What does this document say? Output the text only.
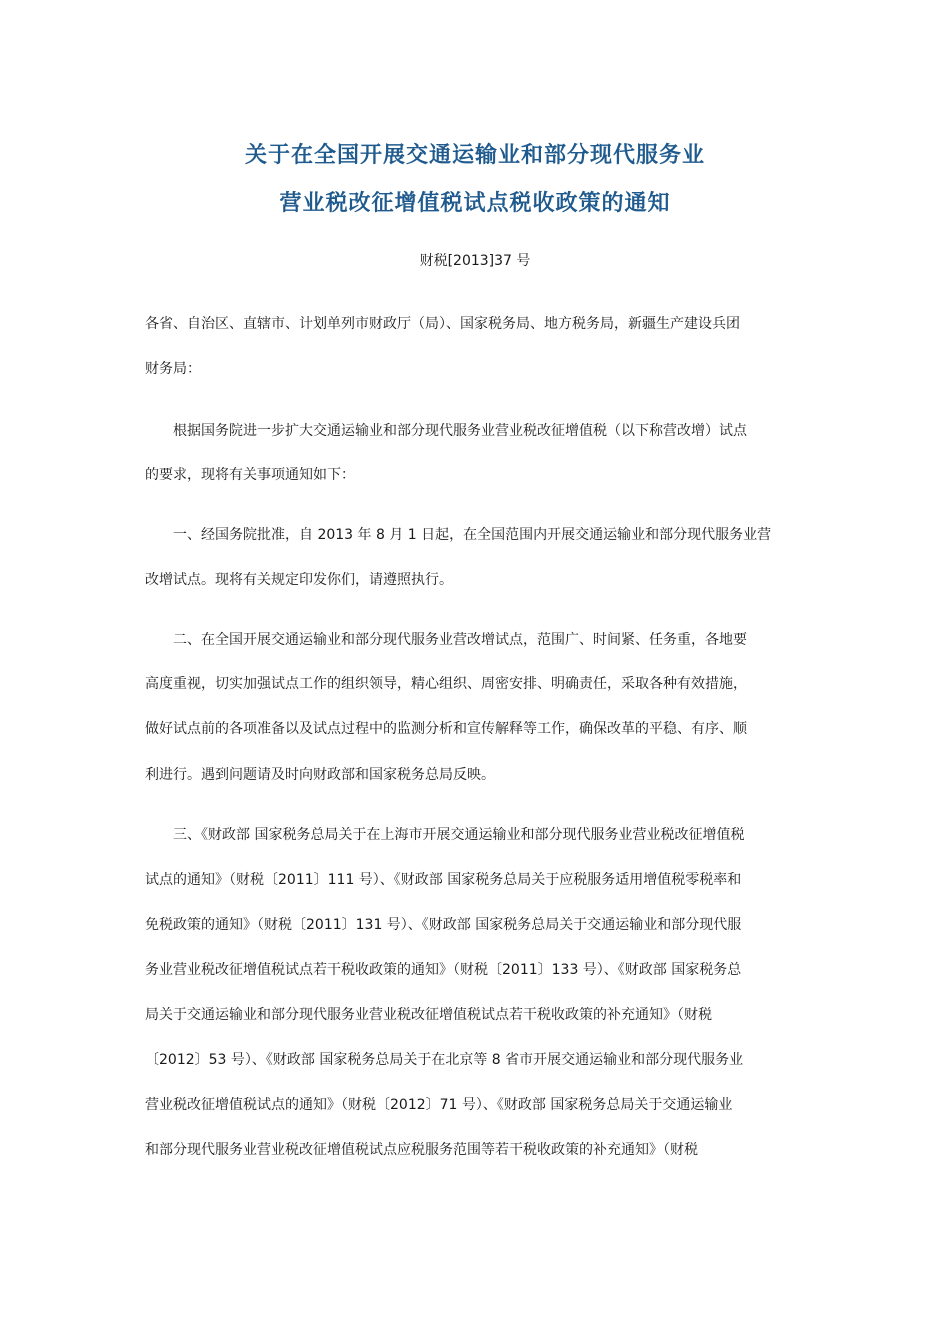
关于在全国开展交通运输业和部分现代服务业
营业税改征增值税试点税收政策的通知
财税[2013]37 号
各省、自治区、直辖市、计划单列市财政厅（局）、国家税务局、地方税务局，新疆生产建设兵团
财务局：
根据国务院进一步扩大交通运输业和部分现代服务业营业税改征增值税（以下称营改增）试点
的要求，现将有关事项通知如下：
一、经国务院批准，自 2013 年 8 月 1 日起，在全国范围内开展交通运输业和部分现代服务业营
改增试点。现将有关规定印发你们，请遵照执行。
二、在全国开展交通运输业和部分现代服务业营改增试点，范围广、时间紧、任务重，各地要
高度重视，切实加强试点工作的组织领导，精心组织、周密安排、明确责任，采取各种有效措施，
做好试点前的各项准备以及试点过程中的监测分析和宣传解释等工作，确保改革的平稳、有序、顺
利进行。遇到问题请及时向财政部和国家税务总局反映。
三、《财政部 国家税务总局关于在上海市开展交通运输业和部分现代服务业营业税改征增值税
试点的通知》（财税〔2011〕111 号）、《财政部 国家税务总局关于应税服务适用增值税零税率和
免税政策的通知》（财税〔2011〕131 号）、《财政部 国家税务总局关于交通运输业和部分现代服
务业营业税改征增值税试点若干税收政策的通知》（财税〔2011〕133 号）、《财政部 国家税务总
局关于交通运输业和部分现代服务业营业税改征增值税试点若干税收政策的补充通知》（财税
〔2012〕53 号）、《财政部 国家税务总局关于在北京等 8 省市开展交通运输业和部分现代服务业
营业税改征增值税试点的通知》（财税〔2012〕71 号）、《财政部 国家税务总局关于交通运输业
和部分现代服务业营业税改征增值税试点应税服务范围等若干税收政策的补充通知》（财税
